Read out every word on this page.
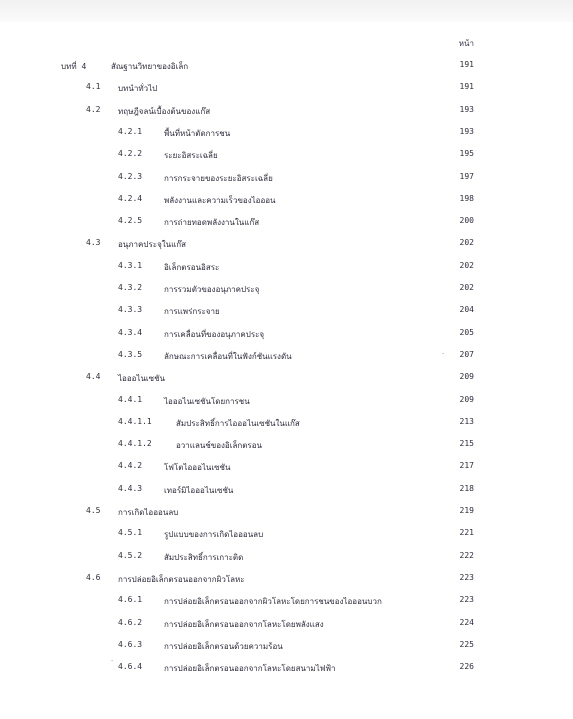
หน้า
บทที่ 4	สัณฐานวิทยาของอิเล็ก	191
4.1 บทนำทั่วไป	191
4.2 ทฤษฎีจลน์เบื้องต้นของแก๊ส	193
4.2.1	พื้นที่หน้าตัดการชน	193
4.2.2	ระยะอิสระเฉลี่ย	195
4.2.3	การกระจายของระยะอิสระเฉลี่ย	197
4.2.4	พลังงานและความเร็วของไอออน	198
4.2.5	การถ่ายทอดพลังงานในแก๊ส	200
4.3 อนุภาคประจุในแก๊ส	202
4.3.1	อิเล็กตรอนอิสระ	202
4.3.2	การรวมตัวของอนุภาคประจุ	202
4.3.3	การแพร่กระจาย	204
4.3.4	การเคลื่อนที่ของอนุภาคประจุ	205
4.3.5	ลักษณะการเคลื่อนที่ในฟังก์ชันแรงดัน	207
4.4 ไอออไนเซชัน	209
4.4.1	ไอออไนเซชันโดยการชน	209
4.4.1.1	สัมประสิทธิ์การไอออไนเซชันในแก๊ส	213
4.4.1.2	อวาแลนช์ของอิเล็กตรอน	215
4.4.2	โฟโตไอออไนเซชัน	217
4.4.3	เทอร์มิไอออไนเซชัน	218
4.5 การเกิดไอออนลบ	219
4.5.1	รูปแบบของการเกิดไอออนลบ	221
4.5.2	สัมประสิทธิ์การเกาะติด	222
4.6 การปล่อยอิเล็กตรอนออกจากผิวโลหะ	223
4.6.1	การปล่อยอิเล็กตรอนออกจากผิวโลหะโดยการชนของไอออนบวก	223
4.6.2	การปล่อยอิเล็กตรอนออกจากโลหะโดยพลังแสง	224
4.6.3	การปล่อยอิเล็กตรอนด้วยความร้อน	225
4.6.4	การปล่อยอิเล็กตรอนออกจากโลหะโดยสนามไฟฟ้า	226
·
·
